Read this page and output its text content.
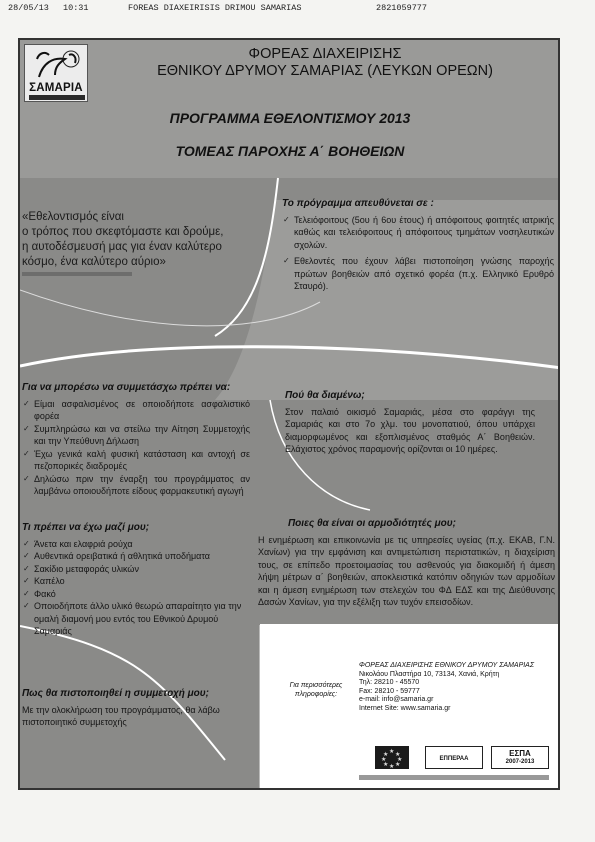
28/05/13 10:31	FOREAS DIAXEIRISIS DRIMOU SAMARIAS	2821059777
ΣΑΜΑΡΙΑ
ΦΟΡΕΑΣ ΔΙΑΧΕΙΡΙΣΗΣ
ΕΘΝΙΚΟΥ ΔΡΥΜΟΥ ΣΑΜΑΡΙΑΣ (ΛΕΥΚΩΝ ΟΡΕΩΝ)
ΠΡΟΓΡΑΜΜΑ ΕΘΕΛΟΝΤΙΣΜΟΥ 2013
ΤΟΜΕΑΣ ΠΑΡΟΧΗΣ Α΄ ΒΟΗΘΕΙΩΝ
«Εθελοντισμός είναι
ο τρόπος που σκεφτόμαστε και δρούμε,
η αυτοδέσμευσή μας για έναν καλύτερο
κόσμο, ένα καλύτερο αύριο»
Το πρόγραμμα απευθύνεται σε :
✓ Τελειόφοιτους (5ου ή 6ου έτους) ή απόφοιτους φοιτητές ιατρικής καθώς και τελειόφοιτους ή απόφοιτους τμημάτων νοσηλευτικών σχολών.
✓ Εθελοντές που έχουν λάβει πιστοποίηση γνώσης παροχής πρώτων βοηθειών από σχετικό φορέα (π.χ. Ελληνικό Ερυθρό Σταυρό).
Για να μπορέσω να συμμετάσχω πρέπει να:
✓ Είμαι ασφαλισμένος σε οποιοδήποτε ασφαλιστικό φορέα
✓ Συμπληρώσω και να στείλω την Αίτηση Συμμετοχής και την Υπεύθυνη Δήλωση
✓ Έχω γενικά καλή φυσική κατάσταση και αντοχή σε πεζοπορικές διαδρομές
✓ Δηλώσω πριν την έναρξη του προγράμματος αν λαμβάνω οποιουδήποτε είδους φαρμακευτική αγωγή
Πού θα διαμένω;
Στον παλαιό οικισμό Σαμαριάς, μέσα στο φαράγγι της Σαμαριάς και στο 7ο χλμ. του μονοπατιού, όπου υπάρχει διαμορφωμένος και εξοπλισμένος σταθμός Α΄ Βοηθειών. Ελάχιστος χρόνος παραμονής ορίζονται οι 10 ημέρες.
Τι πρέπει να έχω μαζί μου;
✓ Άνετα και ελαφριά ρούχα
✓ Αυθεντικά ορειβατικά ή αθλητικά υποδήματα
✓ Σακίδιο μεταφοράς υλικών
✓ Καπέλο
✓ Φακό
✓ Οποιοδήποτε άλλο υλικό θεωρώ απαραίτητο για την ομαλή διαμονή μου εντός του Εθνικού Δρυμού Σαμαριάς
Ποιες θα είναι οι αρμοδιότητές μου;
Η ενημέρωση και επικοινωνία με τις υπηρεσίες υγείας (π.χ. ΕΚΑΒ, Γ.Ν. Χανίων) για την εμφάνιση και αντιμετώπιση περιστατικών, η διαχείριση τους, σε επίπεδο προετοιμασίας του ασθενούς για διακομιδή ή άμεση λήψη μέτρων α΄ βοηθειών, αποκλειστικά κατόπιν οδηγιών των αρμοδίων και η άμεση ενημέρωση των στελεχών του ΦΔ ΕΔΣ και της Διεύθυνσης Δασών Χανίων, για την εξέλιξη των τυχόν επεισοδίων.
Πως θα πιστοποιηθεί η συμμετοχή μου;
Με την ολοκλήρωση του προγράμματος, θα λάβω πιστοποιητικό συμμετοχής
Για περισσότερες πληροφορίες:
ΦΟΡΕΑΣ ΔΙΑΧΕΙΡΙΣΗΣ ΕΘΝΙΚΟΥ ΔΡΥΜΟΥ ΣΑΜΑΡΙΑΣ
Νικολάου Πλαστήρα 10, 73134, Χανιά, Κρήτη
Τηλ: 28210 - 45570
Fax: 28210 - 59777
e-mail: info@samaria.gr
Internet Site: www.samaria.gr
★ ★
★
★
★
★
★
★
ΕΠΠΕΡΑΑ
ΕΣΠΑ
2007-2013
